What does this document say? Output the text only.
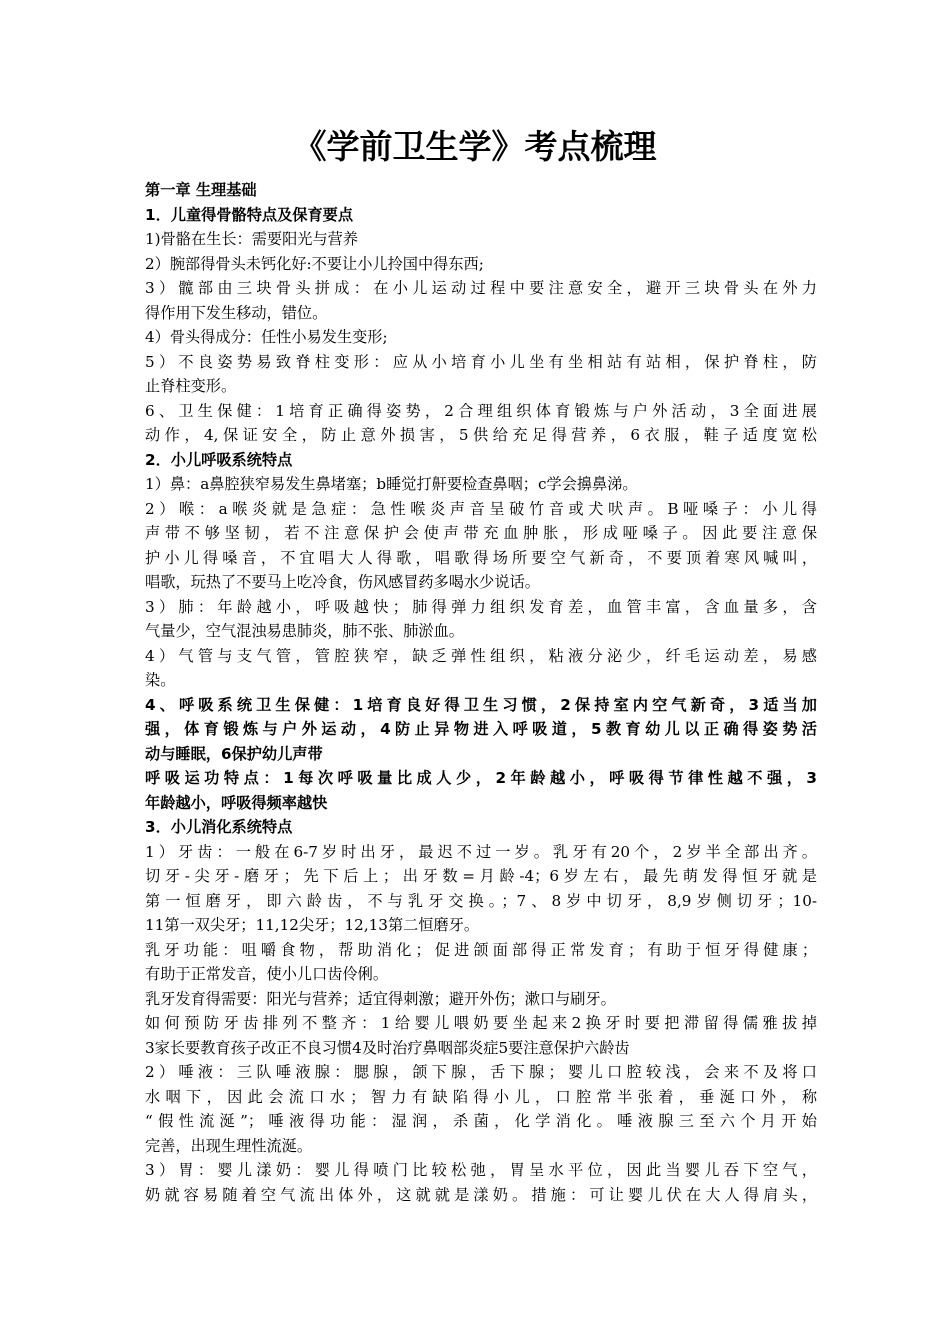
《学前卫生学》考点梳理
第一章 生理基础
1．儿童得骨骼特点及保育要点
1)骨骼在生长：需要阳光与营养
2）腕部得骨头未钙化好:不要让小儿拎国中得东西;
3）髋部由三块骨头拼成：在小儿运动过程中要注意安全，避开三块骨头在外力
得作用下发生移动，错位。
4）骨头得成分：任性小易发生变形;
5）不良姿势易致脊柱变形：应从小培育小儿坐有坐相站有站相，保护脊柱，防
止脊柱变形。
6、卫生保健：1培育正确得姿势，2合理组织体育锻炼与户外活动，3全面进展
动作，4,保证安全，防止意外损害，5供给充足得营养，6衣服，鞋子适度宽松
2．小儿呼吸系统特点
1）鼻：a鼻腔狭窄易发生鼻堵塞；b睡觉打鼾要检查鼻咽；c学会擤鼻涕。
2）喉：a喉炎就是急症：急性喉炎声音呈破竹音或犬吠声。B哑嗓子：小儿得
声带不够坚韧，若不注意保护会使声带充血肿胀，形成哑嗓子。因此要注意保
护小儿得嗓音，不宜唱大人得歌，唱歌得场所要空气新奇，不要顶着寒风喊叫，
唱歌，玩热了不要马上吃冷食，伤风感冒药多喝水少说话。
3）肺：年龄越小，呼吸越快；肺得弹力组织发育差，血管丰富，含血量多，含
气量少，空气混浊易患肺炎，肺不张、肺淤血。
4）气管与支气管，管腔狭窄，缺乏弹性组织，粘液分泌少，纤毛运动差，易感
染。
4、呼吸系统卫生保健：1培育良好得卫生习惯，2保持室内空气新奇，3适当加
强，体育锻炼与户外运动，4防止异物进入呼吸道，5教育幼儿以正确得姿势活
动与睡眠，6保护幼儿声带
呼吸运功特点：1每次呼吸量比成人少，2年龄越小，呼吸得节律性越不强，3
年龄越小，呼吸得频率越快
3．小儿消化系统特点
1）牙齿：一般在6-7岁时出牙，最迟不过一岁。乳牙有20个，2岁半全部出齐。
切牙-尖牙-磨牙；先下后上；出牙数=月龄-4；6岁左右，最先萌发得恒牙就是
第一恒磨牙，即六龄齿，不与乳牙交换。；7、8岁中切牙，8,9岁侧切牙；10-
11第一双尖牙；11,12尖牙；12,13第二恒磨牙。
乳牙功能：咀嚼食物，帮助消化；促进颌面部得正常发育；有助于恒牙得健康；
有助于正常发音，使小儿口齿伶俐。
乳牙发育得需要：阳光与营养；适宜得刺激；避开外伤；漱口与刷牙。
如何预防牙齿排列不整齐：1给婴儿喂奶要坐起来2换牙时要把滞留得儒雅拔掉
3家长要教育孩子改正不良习惯4及时治疗鼻咽部炎症5要注意保护六龄齿
2）唾液：三队唾液腺：腮腺，颌下腺，舌下腺；婴儿口腔较浅，会来不及将口
水咽下，因此会流口水；智力有缺陷得小儿，口腔常半张着，垂涎口外，称
“假性流涎”；唾液得功能：湿润，杀菌，化学消化。唾液腺三至六个月开始
完善，出现生理性流涎。
3）胃：婴儿漾奶：婴儿得喷门比较松弛，胃呈水平位，因此当婴儿吞下空气，
奶就容易随着空气流出体外，这就就是漾奶。措施：可让婴儿伏在大人得肩头，
